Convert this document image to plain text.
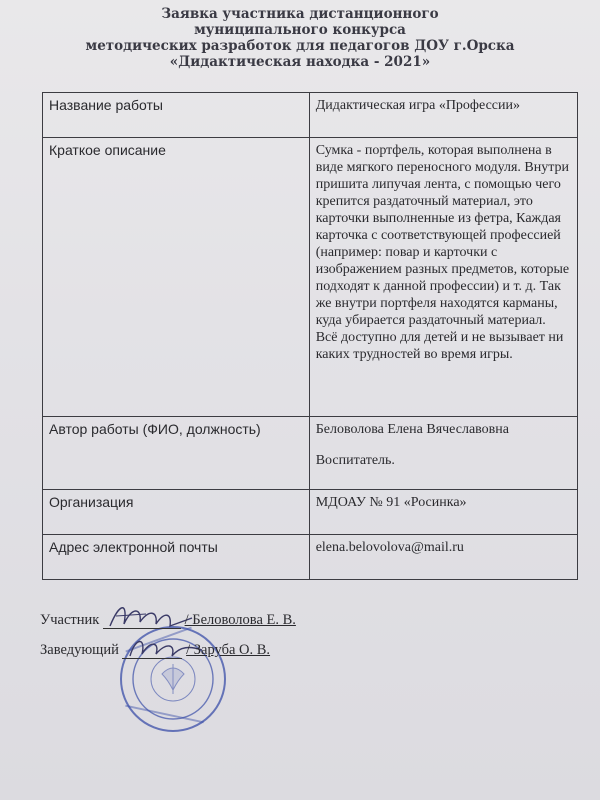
Заявка участника дистанционного
муниципального конкурса
методических разработок для педагогов ДОУ г.Орска
«Дидактическая находка - 2021»
Название работы	Дидактическая игра «Профессии»
Краткое описание	Сумка - портфель, которая выполнена в виде мягкого переносного модуля. Внутри пришита липучая лента, с помощью чего крепится раздаточный материал, это карточки выполненные из фетра, Каждая карточка с соответствующей профессией (например: повар и карточки с изображением разных предметов, которые подходят к данной профессии) и т. д. Так же внутри портфеля находятся карманы, куда убирается раздаточный материал. Всё доступно для детей и не вызывает ни каких трудностей во время игры.
Автор работы (ФИО, должность)	Беловолова Елена Вячеславовна
Воспитатель.

Организация	МДОАУ № 91 «Росинка»
Адрес электронной почты	elena.belovolova@mail.ru
Участник	/ Беловолова Е. В.
Заведующий	/ Заруба О. В.
